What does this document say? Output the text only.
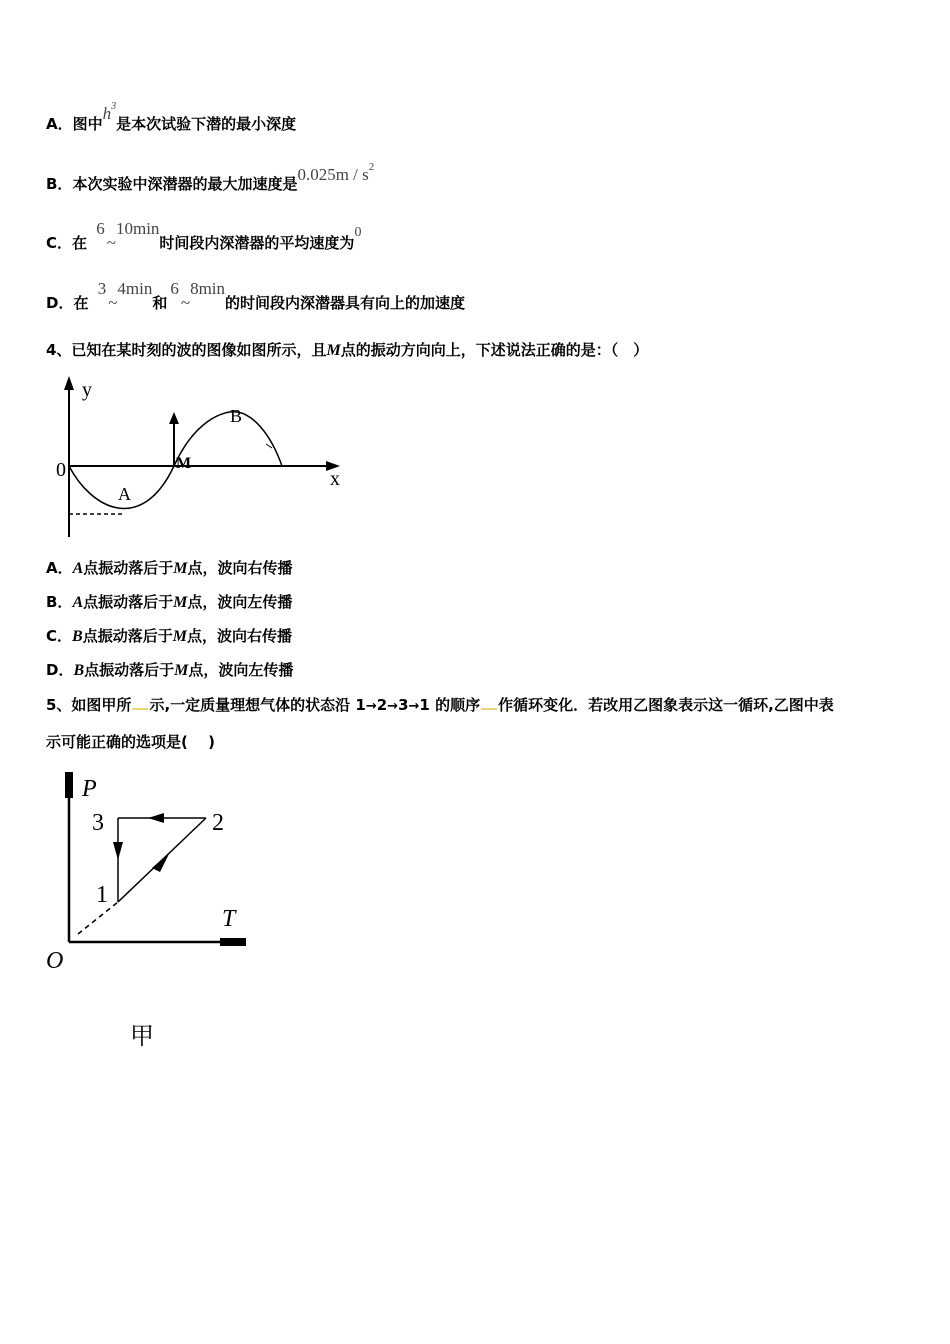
A．图中$h^3$是本次试验下潜的最小深度
B．本次实验中深潜器的最大加速度是$0.025m / s^2$
C．在 6~10min时间段内深潜器的平均速度为0
D．在 3~4min和6~8min的时间段内深潜器具有向上的加速度
4、已知在某时刻的波的图像如图所示，且M点的振动方向向上，下述说法正确的是：（　）
y
x
0	M
A
B
A．A点振动落后于M点，波向右传播
B．A点振动落后于M点，波向左传播
C．B点振动落后于M点，波向右传播
D．B点振动落后于M点，波向左传播
5、如图甲所 示,一定质量理想气体的状态沿 1→2→3→1 的顺序 作循环变化．若改用乙图象表示这一循环,乙图中表
示可能正确的选项是(　 )
P
T
O
3	2
1
甲
